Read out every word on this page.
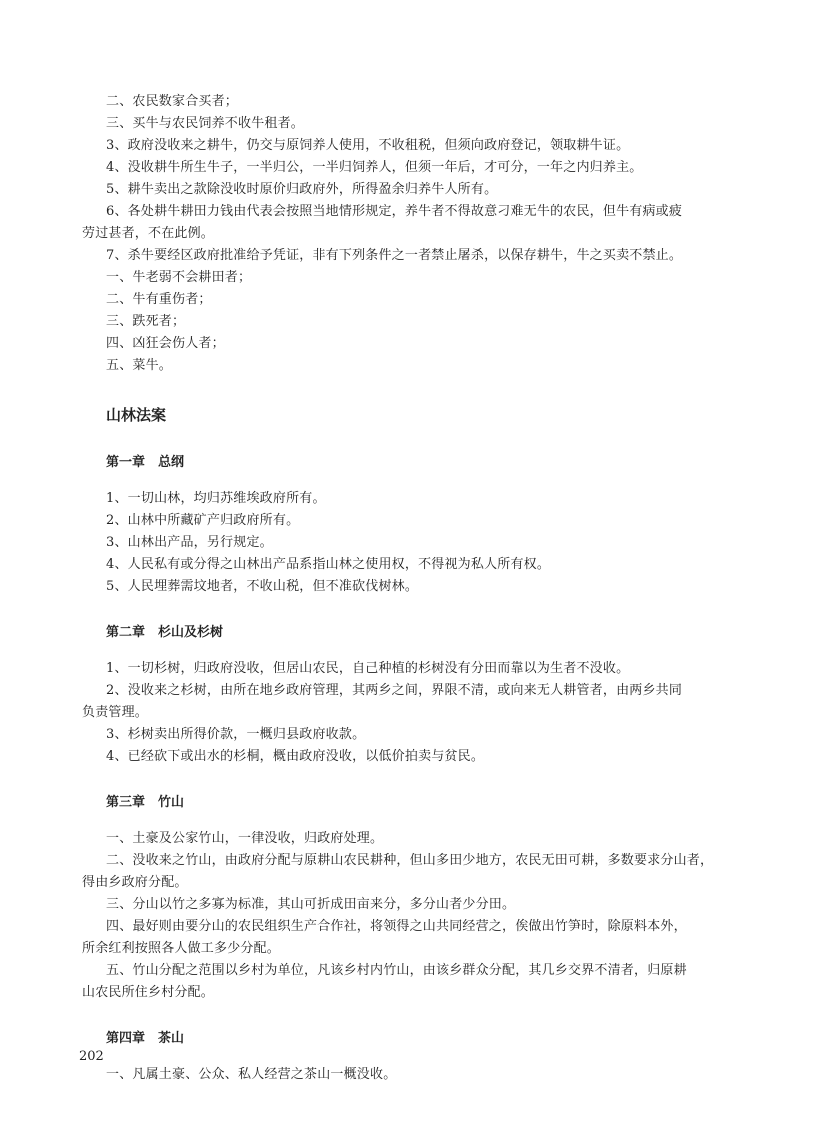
二、农民数家合买者；

三、买牛与农民饲养不收牛租者。

3、政府没收来之耕牛，仍交与原饲养人使用，不收租税，但须向政府登记，领取耕牛证。

4、没收耕牛所生牛子，一半归公，一半归饲养人，但须一年后，才可分，一年之内归养主。

5、耕牛卖出之款除没收时原价归政府外，所得盈余归养牛人所有。

6、各处耕牛耕田力钱由代表会按照当地情形规定，养牛者不得故意刁难无牛的农民，但牛有病或疲

劳过甚者，不在此例。

7、杀牛要经区政府批准给予凭证，非有下列条件之一者禁止屠杀，以保存耕牛，牛之买卖不禁止。

一、牛老弱不会耕田者；

二、牛有重伤者；

三、跌死者；

四、凶狂会伤人者；

五、菜牛。

山林法案
第一章　总纲

1、一切山林，均归苏维埃政府所有。

2、山林中所藏矿产归政府所有。

3、山林出产品，另行规定。

4、人民私有或分得之山林出产品系指山林之使用权，不得视为私人所有权。

5、人民埋葬需坟地者，不收山税，但不准砍伐树林。

第二章　杉山及杉树

1、一切杉树，归政府没收，但居山农民，自己种植的杉树没有分田而靠以为生者不没收。

2、没收来之杉树，由所在地乡政府管理，其两乡之间，界限不清，或向来无人耕管者，由两乡共同

负责管理。

3、杉树卖出所得价款，一概归县政府收款。

4、已经砍下或出水的杉桐，概由政府没收，以低价拍卖与贫民。

第三章　竹山

一、土豪及公家竹山，一律没收，归政府处理。

二、没收来之竹山，由政府分配与原耕山农民耕种，但山多田少地方，农民无田可耕，多数要求分山者，

得由乡政府分配。

三、分山以竹之多寡为标准，其山可折成田亩来分，多分山者少分田。

四、最好则由要分山的农民组织生产合作社，将领得之山共同经营之，俟做出竹笋时，除原料本外，

所余红利按照各人做工多少分配。

五、竹山分配之范围以乡村为单位，凡该乡村内竹山，由该乡群众分配，其几乡交界不清者，归原耕

山农民所住乡村分配。

第四章　茶山

一、凡属土豪、公众、私人经营之茶山一概没收。

202
